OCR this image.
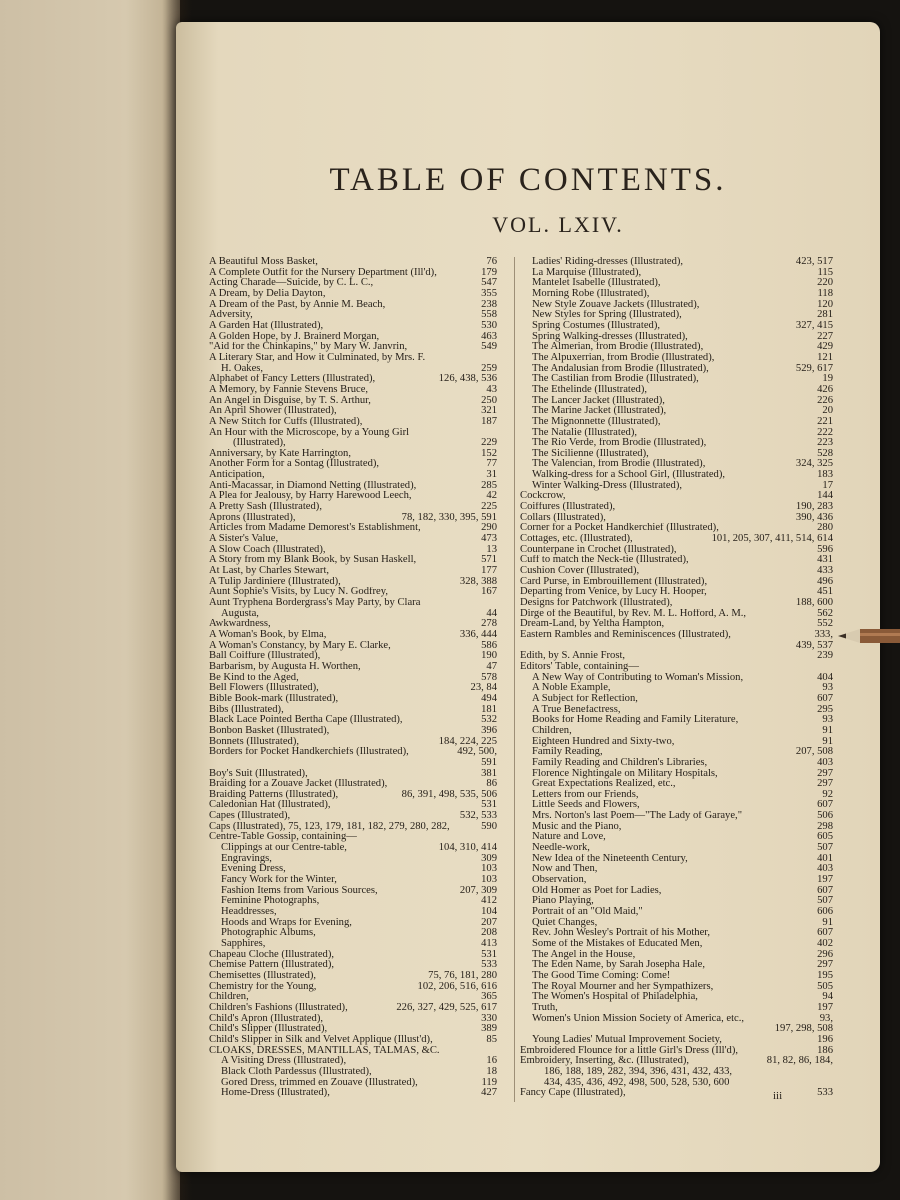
TABLE OF CONTENTS.
VOL. LXIV.
A Beautiful Moss Basket,	76
A Complete Outfit for the Nursery Department (Ill'd),	179
Acting Charade—Suicide, by C. L. C.,	547
A Dream, by Delia Dayton,	355
A Dream of the Past, by Annie M. Beach,	238
Adversity,	558
A Garden Hat (Illustrated),	530
A Golden Hope, by J. Brainerd Morgan,	463
"Aid for the Chinkapins," by Mary W. Janvrin,	549
A Literary Star, and How it Culminated, by Mrs. F.
H. Oakes,	259
Alphabet of Fancy Letters (Illustrated),	126, 438, 536
A Memory, by Fannie Stevens Bruce,	43
An Angel in Disguise, by T. S. Arthur,	250
An April Shower (Illustrated),	321
A New Stitch for Cuffs (Illustrated),	187
An Hour with the Microscope, by a Young Girl
(Illustrated),	229
Anniversary, by Kate Harrington,	152
Another Form for a Sontag (Illustrated),	77
Anticipation,	31
Anti-Macassar, in Diamond Netting (Illustrated),	285
A Plea for Jealousy, by Harry Harewood Leech,	42
A Pretty Sash (Illustrated),	225
Aprons (Illustrated),	78, 182, 330, 395, 591
Articles from Madame Demorest's Establishment,	290
A Sister's Value,	473
A Slow Coach (Illustrated),	13
A Story from my Blank Book, by Susan Haskell,	571
At Last, by Charles Stewart,	177
A Tulip Jardiniere (Illustrated),	328, 388
Aunt Sophie's Visits, by Lucy N. Godfrey,	167
Aunt Tryphena Bordergrass's May Party, by Clara
Augusta,	44
Awkwardness,	278
A Woman's Book, by Elma,	336, 444
A Woman's Constancy, by Mary E. Clarke,	586
Ball Coiffure (Illustrated),	190
Barbarism, by Augusta H. Worthen,	47
Be Kind to the Aged,	578
Bell Flowers (Illustrated),	23, 84
Bible Book-mark (Illustrated),	494
Bibs (Illustrated),	181
Black Lace Pointed Bertha Cape (Illustrated),	532
Bonbon Basket (Illustrated),	396
Bonnets (Illustrated),	184, 224, 225
Borders for Pocket Handkerchiefs (Illustrated),	492, 500,
591
Boy's Suit (Illustrated),	381
Braiding for a Zouave Jacket (Illustrated),	86
Braiding Patterns (Illustrated),	86, 391, 498, 535, 506
Caledonian Hat (Illustrated),	531
Capes (Illustrated),	532, 533
Caps (Illustrated), 75, 123, 179, 181, 182, 279, 280, 282,	590
Centre-Table Gossip, containing—
Clippings at our Centre-table,	104, 310, 414
Engravings,	309
Evening Dress,	103
Fancy Work for the Winter,	103
Fashion Items from Various Sources,	207, 309
Feminine Photographs,	412
Headdresses,	104
Hoods and Wraps for Evening,	207
Photographic Albums,	208
Sapphires,	413
Chapeau Cloche (Illustrated),	531
Chemise Pattern (Illustrated),	533
Chemisettes (Illustrated),	75, 76, 181, 280
Chemistry for the Young,	102, 206, 516, 616
Children,	365
Children's Fashions (Illustrated),	226, 327, 429, 525, 617
Child's Apron (Illustrated),	330
Child's Slipper (Illustrated),	389
Child's Slipper in Silk and Velvet Applique (Illust'd),	85
CLOAKS, DRESSES, MANTILLAS, TALMAS, &C.
A Visiting Dress (Illustrated),	16
Black Cloth Pardessus (Illustrated),	18
Gored Dress, trimmed en Zouave (Illustrated),	119
Home-Dress (Illustrated),	427
Ladies' Riding-dresses (Illustrated),	423, 517
La Marquise (Illustrated),	115
Mantelet Isabelle (Illustrated),	220
Morning Robe (Illustrated),	118
New Style Zouave Jackets (Illustrated),	120
New Styles for Spring (Illustrated),	281
Spring Costumes (Illustrated),	327, 415
Spring Walking-dresses (Illustrated),	227
The Almerian, from Brodie (Illustrated),	429
The Alpuxerrian, from Brodie (Illustrated),	121
The Andalusian from Brodie (Illustrated),	529, 617
The Castilian from Brodie (Illustrated),	19
The Ethelinde (Illustrated),	426
The Lancer Jacket (Illustrated),	226
The Marine Jacket (Illustrated),	20
The Mignonnette (Illustrated),	221
The Natalie (Illustrated),	222
The Rio Verde, from Brodie (Illustrated),	223
The Sicilienne (Illustrated),	528
The Valencian, from Brodie (Illustrated),	324, 325
Walking-dress for a School Girl, (Illustrated),	183
Winter Walking-Dress (Illustrated),	17
Cockcrow,	144
Coiffures (Illustrated),	190, 283
Collars (Illustrated),	390, 436
Corner for a Pocket Handkerchief (Illustrated),	280
Cottages, etc. (Illustrated),	101, 205, 307, 411, 514, 614
Counterpane in Crochet (Illustrated),	596
Cuff to match the Neck-tie (Illustrated),	431
Cushion Cover (Illustrated),	433
Card Purse, in Embrouillement (Illustrated),	496
Departing from Venice, by Lucy H. Hooper,	451
Designs for Patchwork (Illustrated),	188, 600
Dirge of the Beautiful, by Rev. M. L. Hofford, A. M.,	562
Dream-Land, by Yeltha Hampton,	552
Eastern Rambles and Reminiscences (Illustrated),	333,
439, 537
Edith, by S. Annie Frost,	239
Editors' Table, containing—
A New Way of Contributing to Woman's Mission,	404
A Noble Example,	93
A Subject for Reflection,	607
A True Benefactress,	295
Books for Home Reading and Family Literature,	93
Children,	91
Eighteen Hundred and Sixty-two,	91
Family Reading,	207, 508
Family Reading and Children's Libraries,	403
Florence Nightingale on Military Hospitals,	297
Great Expectations Realized, etc.,	297
Letters from our Friends,	92
Little Seeds and Flowers,	607
Mrs. Norton's last Poem—"The Lady of Garaye,"	506
Music and the Piano,	298
Nature and Love,	605
Needle-work,	507
New Idea of the Nineteenth Century,	401
Now and Then,	403
Observation,	197
Old Homer as Poet for Ladies,	607
Piano Playing,	507
Portrait of an "Old Maid,"	606
Quiet Changes,	91
Rev. John Wesley's Portrait of his Mother,	607
Some of the Mistakes of Educated Men,	402
The Angel in the House,	296
The Eden Name, by Sarah Josepha Hale,	297
The Good Time Coming: Come!	195
The Royal Mourner and her Sympathizers,	505
The Women's Hospital of Philadelphia,	94
Truth,	197
Women's Union Mission Society of America, etc.,	93,
197, 298, 508
Young Ladies' Mutual Improvement Society,	196
Embroidered Flounce for a little Girl's Dress (Ill'd),	186
Embroidery, Inserting, &c. (Illustrated),	81, 82, 86, 184,
186, 188, 189, 282, 394, 396, 431, 432, 433,
434, 435, 436, 492, 498, 500, 528, 530, 600
Fancy Cape (Illustrated),	533
iii
